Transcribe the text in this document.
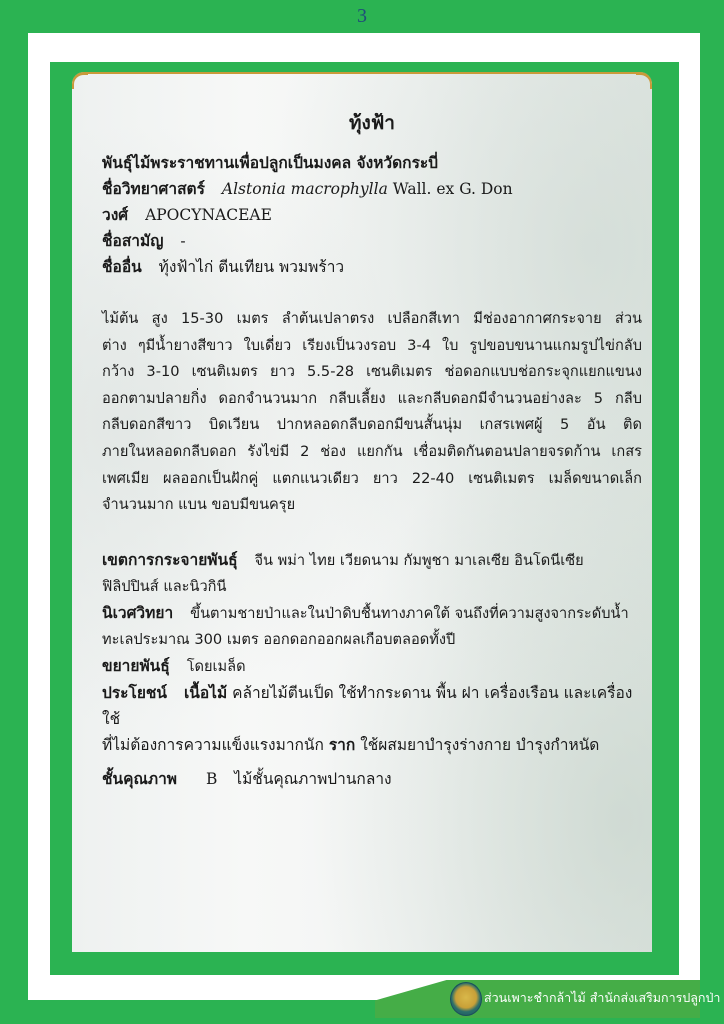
3
ทุ้งฟ้า

พันธุ์ไม้พระราชทานเพื่อปลูกเป็นมงคล จังหวัดกระบี่

ชื่อวิทยาศาสตร์ Alstonia macrophylla Wall. ex G. Don

วงศ์ APOCYNACEAE

ชื่อสามัญ -

ชื่ออื่น ทุ้งฟ้าไก่ ตีนเทียน พวมพร้าว

ไม้ต้น สูง 15-30 เมตร ลำต้นเปลาตรง เปลือกสีเทา มีช่องอากาศกระจาย ส่วน
ต่าง ๆมีน้ำยางสีขาว ใบเดี่ยว เรียงเป็นวงรอบ 3-4 ใบ รูปขอบขนานแกมรูปไข่กลับ
กว้าง 3-10 เซนติเมตร ยาว 5.5-28 เซนติเมตร ช่อดอกแบบช่อกระจุกแยกแขนง
ออกตามปลายกิ่ง ดอกจำนวนมาก กลีบเลี้ยง และกลีบดอกมีจำนวนอย่างละ 5 กลีบ
กลีบดอกสีขาว บิดเวียน ปากหลอดกลีบดอกมีขนสั้นนุ่ม เกสรเพศผู้ 5 อัน ติด
ภายในหลอดกลีบดอก รังไข่มี 2 ช่อง แยกกัน เชื่อมติดกันตอนปลายจรดก้าน เกสร
เพศเมีย ผลออกเป็นฝักคู่ แตกแนวเดียว ยาว 22-40 เซนติเมตร เมล็ดขนาดเล็ก
จำนวนมาก แบน ขอบมีขนครุย

เขตการกระจายพันธุ์ จีน พม่า ไทย เวียดนาม กัมพูชา มาเลเซีย อินโดนีเซีย

ฟิลิปปินส์ และนิวกินี

นิเวศวิทยา ขึ้นตามชายป่าและในป่าดิบชื้นทางภาคใต้ จนถึงที่ความสูงจากระดับน้ำ

ทะเลประมาณ 300 เมตร ออกดอกออกผลเกือบตลอดทั้งปี

ขยายพันธุ์ โดยเมล็ด

ประโยชน์ เนื้อไม้ คล้ายไม้ตีนเป็ด ใช้ทำกระดาน พื้น ฝา เครื่องเรือน และเครื่องใช้

ที่ไม่ต้องการความแข็งแรงมากนัก ราก ใช้ผสมยาบำรุงร่างกาย บำรุงกำหนัด

ชั้นคุณภาพ B ไม้ชั้นคุณภาพปานกลาง

ส่วนเพาะชำกล้าไม้ สำนักส่งเสริมการปลูกป่า
